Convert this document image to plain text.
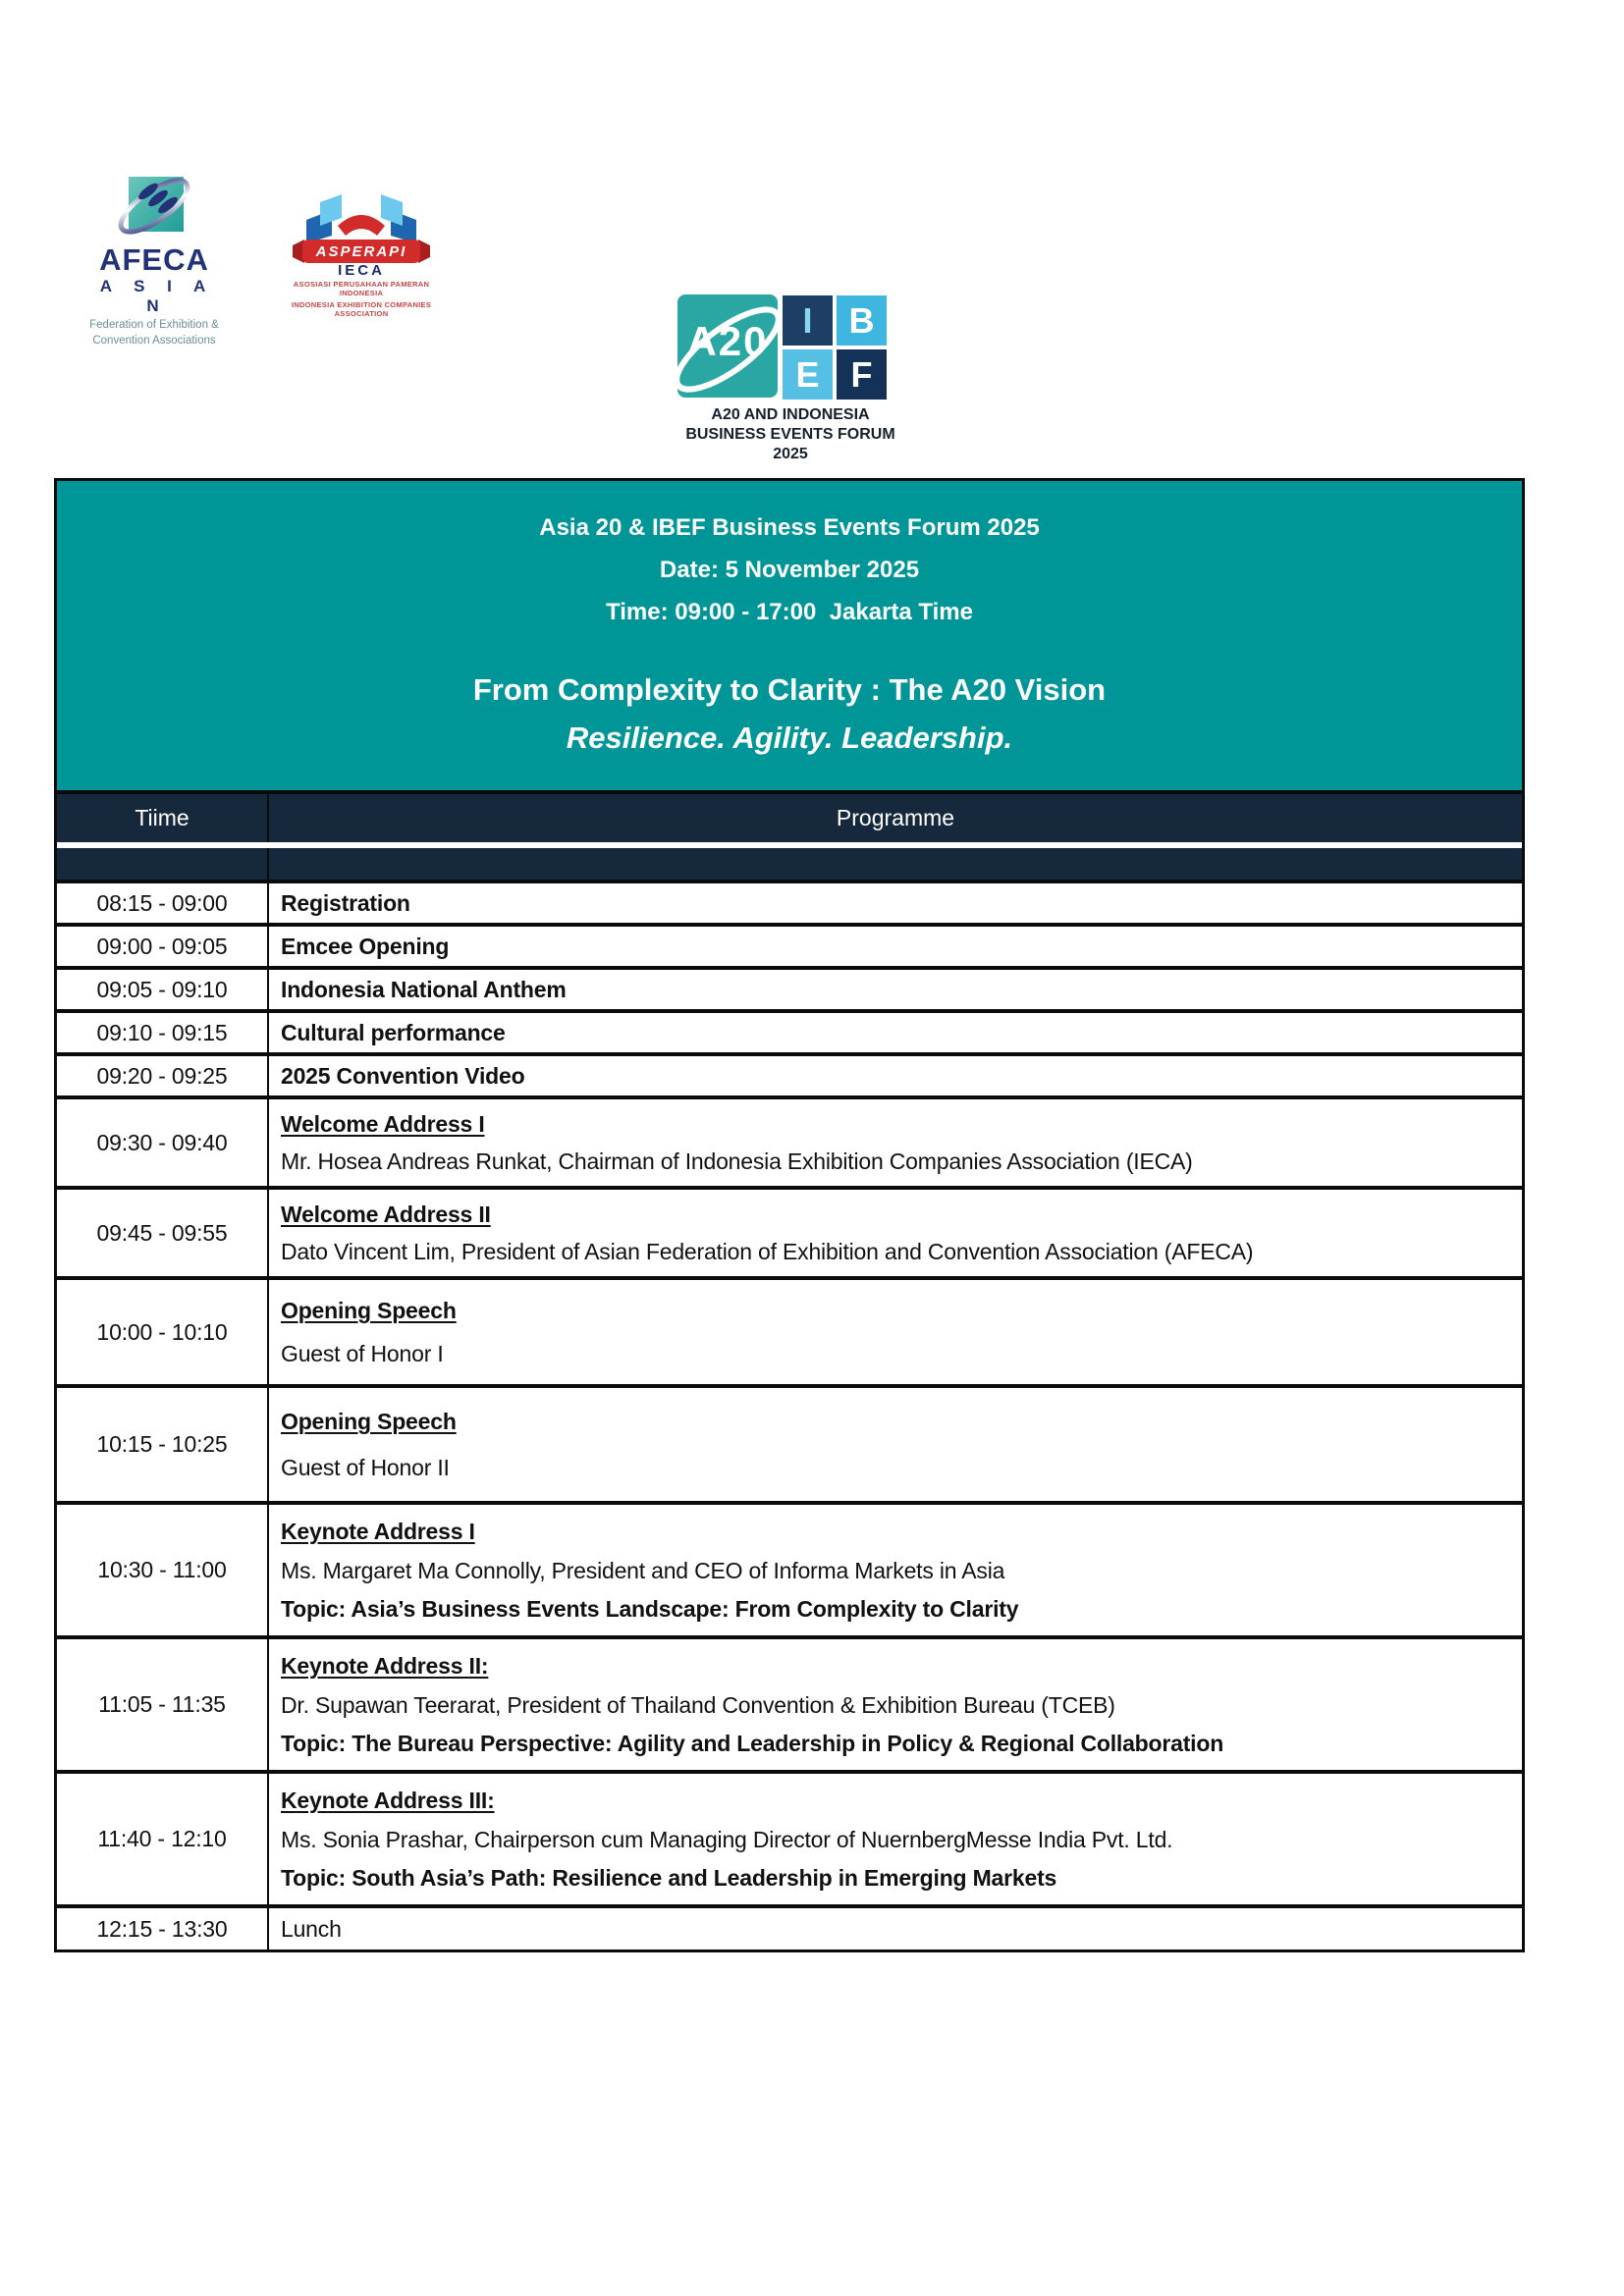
AFECA
A S I A N
Federation of Exhibition &
Convention Associations
ASPERAPI
IECA
ASOSIASI PERUSAHAAN PAMERAN INDONESIA
INDONESIA EXHIBITION COMPANIES ASSOCIATION
A20 I	B
E F
A20 AND INDONESIA
BUSINESS EVENTS FORUM 2025
Asia 20 & IBEF Business Events Forum 2025
Date: 5 November 2025
Time: 09:00 - 17:00  Jakarta Time
From Complexity to Clarity : The A20 Vision
Resilience. Agility. Leadership.
Tiime	Programme
08:15 - 09:00	Registration
09:00 - 09:05	Emcee Opening
09:05 - 09:10	Indonesia National Anthem
09:10 - 09:15	Cultural performance
09:20 - 09:25	2025 Convention Video
09:30 - 09:40
Welcome Address I
Mr. Hosea Andreas Runkat, Chairman of Indonesia Exhibition Companies Association (IECA)
09:45 - 09:55
Welcome Address II
Dato Vincent Lim, President of Asian Federation of Exhibition and Convention Association (AFECA)
10:00 - 10:10
Opening Speech
Guest of Honor I
10:15 - 10:25
Opening Speech
Guest of Honor II
10:30 - 11:00
Keynote Address I
Ms. Margaret Ma Connolly, President and CEO of Informa Markets in Asia
Topic: Asia’s Business Events Landscape: From Complexity to Clarity
11:05 - 11:35
Keynote Address II:
Dr. Supawan Teerarat, President of Thailand Convention & Exhibition Bureau (TCEB)
Topic: The Bureau Perspective: Agility and Leadership in Policy & Regional Collaboration
11:40 - 12:10
Keynote Address III:
Ms. Sonia Prashar, Chairperson cum Managing Director of NuernbergMesse India Pvt. Ltd.
Topic: South Asia’s Path: Resilience and Leadership in Emerging Markets
12:15 - 13:30	Lunch
